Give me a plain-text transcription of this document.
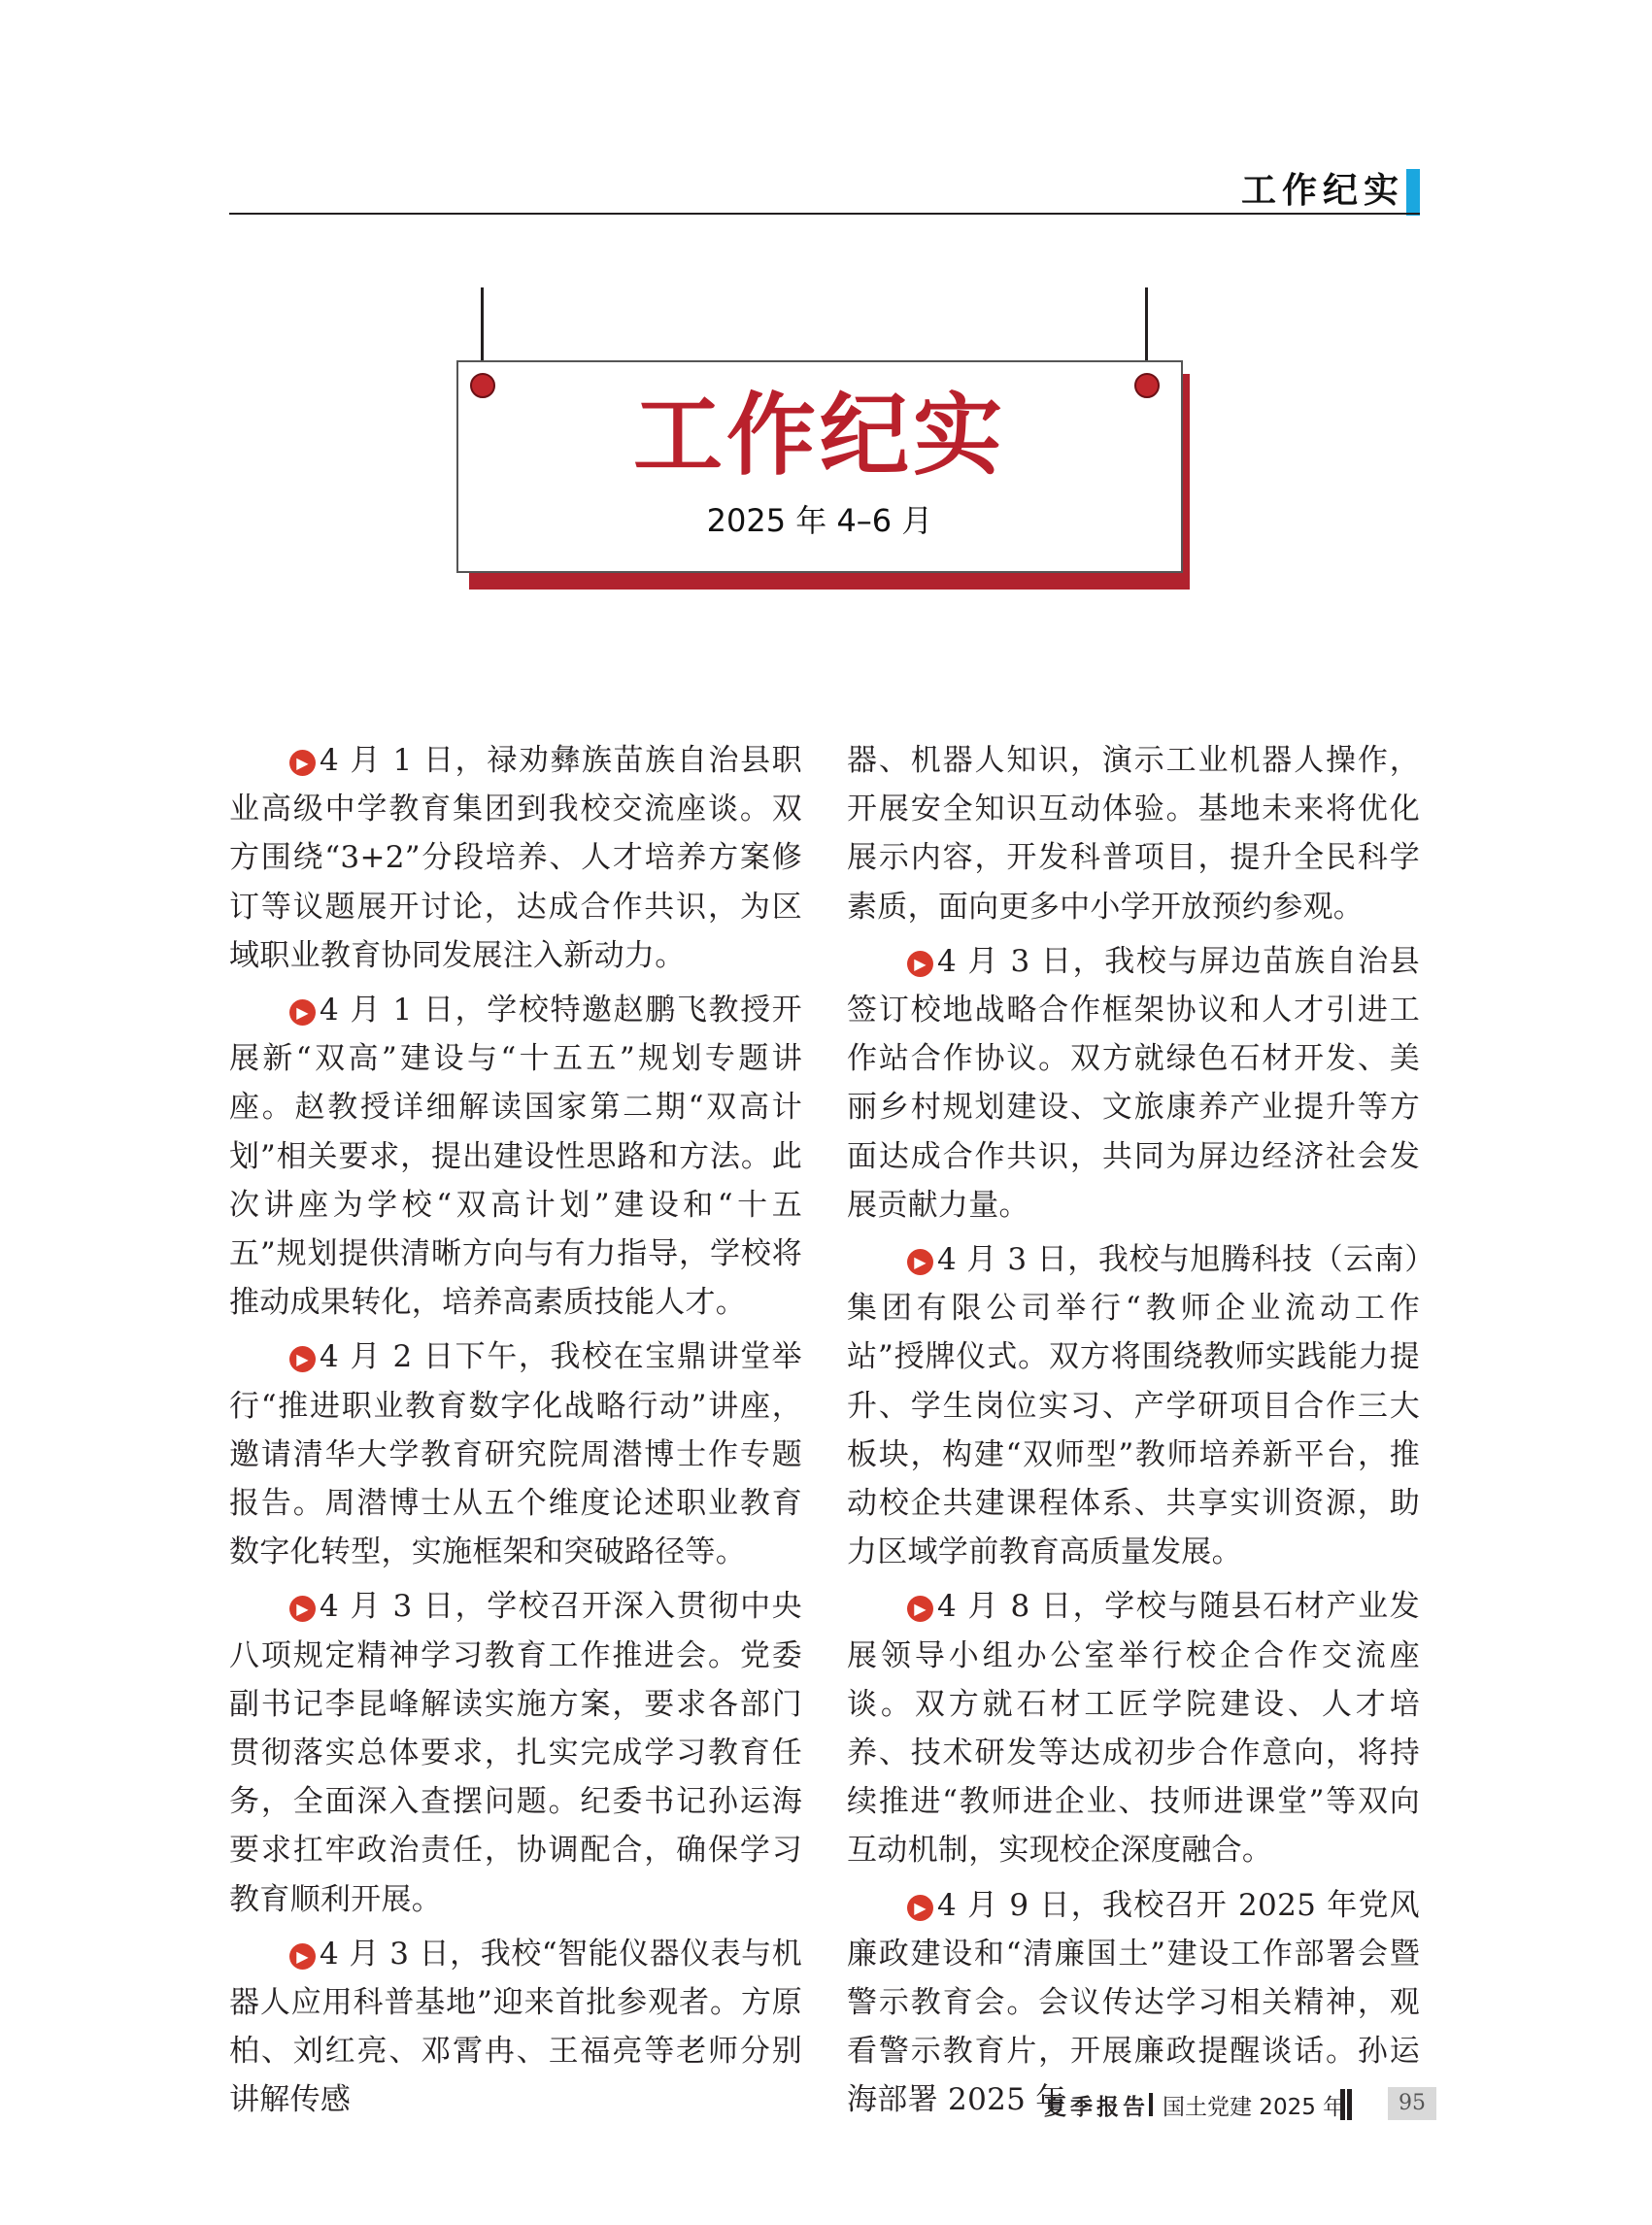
工作纪实
工作纪实
2025 年 4–6 月

▶ 4 月 1 日，禄劝彝族苗族自治县职业高级中学教育集团到我校交流座谈。双方围绕“3+2”分段培养、人才培养方案修订等议题展开讨论，达成合作共识，为区域职业教育协同发展注入新动力。

▶ 4 月 1 日，学校特邀赵鹏飞教授开展新“双高”建设与“十五五”规划专题讲座。赵教授详细解读国家第二期“双高计划”相关要求，提出建设性思路和方法。此次讲座为学校“双高计划”建设和“十五五”规划提供清晰方向与有力指导，学校将推动成果转化，培养高素质技能人才。

▶ 4 月 2 日下午，我校在宝鼎讲堂举行“推进职业教育数字化战略行动”讲座，邀请清华大学教育研究院周潜博士作专题报告。周潜博士从五个维度论述职业教育数字化转型，实施框架和突破路径等。

▶ 4 月 3 日，学校召开深入贯彻中央八项规定精神学习教育工作推进会。党委副书记李昆峰解读实施方案，要求各部门贯彻落实总体要求，扎实完成学习教育任务，全面深入查摆问题。纪委书记孙运海要求扛牢政治责任，协调配合，确保学习教育顺利开展。

▶ 4 月 3 日，我校“智能仪器仪表与机器人应用科普基地”迎来首批参观者。方原柏、刘红亮、邓霄冉、王福亮等老师分别讲解传感

器、机器人知识，演示工业机器人操作，开展安全知识互动体验。基地未来将优化展示内容，开发科普项目，提升全民科学素质，面向更多中小学开放预约参观。

▶ 4 月 3 日，我校与屏边苗族自治县签订校地战略合作框架协议和人才引进工作站合作协议。双方就绿色石材开发、美丽乡村规划建设、文旅康养产业提升等方面达成合作共识，共同为屏边经济社会发展贡献力量。

▶ 4 月 3 日，我校与旭腾科技（云南）集团有限公司举行“教师企业流动工作站”授牌仪式。双方将围绕教师实践能力提升、学生岗位实习、产学研项目合作三大板块，构建“双师型”教师培养新平台，推动校企共建课程体系、共享实训资源，助力区域学前教育高质量发展。

▶ 4 月 8 日，学校与随县石材产业发展领导小组办公室举行校企合作交流座谈。双方就石材工匠学院建设、人才培养、技术研发等达成初步合作意向，将持续推进“教师进企业、技师进课堂”等双向互动机制，实现校企深度融合。

▶ 4 月 9 日，我校召开 2025 年党风廉政建设和“清廉国土”建设工作部署会暨警示教育会。会议传达学习相关精神，观看警示教育片，开展廉政提醒谈话。孙运海部署 2025 年

夏季报告 国土党建 2025 年	95
